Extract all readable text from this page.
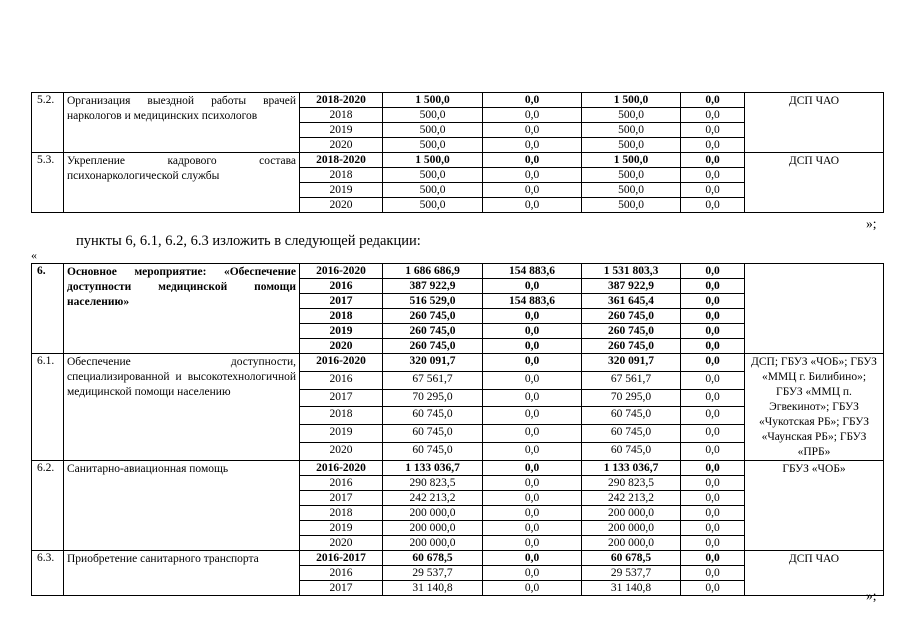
5.2.	Организация выездной работы врачей наркологов и медицинских психологов	2018-2020	1 500,0	0,0	1 500,0	0,0	ДСП ЧАО
		2018	500,0	0,0	500,0	0,0	
		2019	500,0	0,0	500,0	0,0	
		2020	500,0	0,0	500,0	0,0	
5.3.	Укрепление кадрового состава психонаркологической службы	2018-2020	1 500,0	0,0	1 500,0	0,0	ДСП ЧАО
		2018	500,0	0,0	500,0	0,0	
		2019	500,0	0,0	500,0	0,0	
		2020	500,0	0,0	500,0	0,0	
»;
пункты 6, 6.1, 6.2, 6.3 изложить в следующей редакции:
«
6.	Основное мероприятие: «Обеспечение доступности медицинской помощи населению»	2016-2020	1 686 686,9	154 883,6	1 531 803,3	0,0	
		2016	387 922,9	0,0	387 922,9	0,0	
		2017	516 529,0	154 883,6	361 645,4	0,0	
		2018	260 745,0	0,0	260 745,0	0,0	
		2019	260 745,0	0,0	260 745,0	0,0	
		2020	260 745,0	0,0	260 745,0	0,0	
6.1.	Обеспечение доступности, специализированной и высокотехнологичной медицинской помощи населению	2016-2020	320 091,7	0,0	320 091,7	0,0	ДСП; ГБУЗ «ЧОБ»; ГБУЗ «ММЦ г. Билибино»; ГБУЗ «ММЦ п. Эгвекинот»; ГБУЗ «Чукотская РБ»; ГБУЗ «Чаунская РБ»; ГБУЗ «ПРБ»
		2016	67 561,7	0,0	67 561,7	0,0	
		2017	70 295,0	0,0	70 295,0	0,0	
		2018	60 745,0	0,0	60 745,0	0,0	
		2019	60 745,0	0,0	60 745,0	0,0	
		2020	60 745,0	0,0	60 745,0	0,0	
6.2.	Санитарно-авиационная помощь	2016-2020	1 133 036,7	0,0	1 133 036,7	0,0	ГБУЗ «ЧОБ»
		2016	290 823,5	0,0	290 823,5	0,0	
		2017	242 213,2	0,0	242 213,2	0,0	
		2018	200 000,0	0,0	200 000,0	0,0	
		2019	200 000,0	0,0	200 000,0	0,0	
		2020	200 000,0	0,0	200 000,0	0,0	
6.3.	Приобретение санитарного транспорта	2016-2017	60 678,5	0,0	60 678,5	0,0	ДСП ЧАО
		2016	29 537,7	0,0	29 537,7	0,0	
		2017	31 140,8	0,0	31 140,8	0,0		»;
